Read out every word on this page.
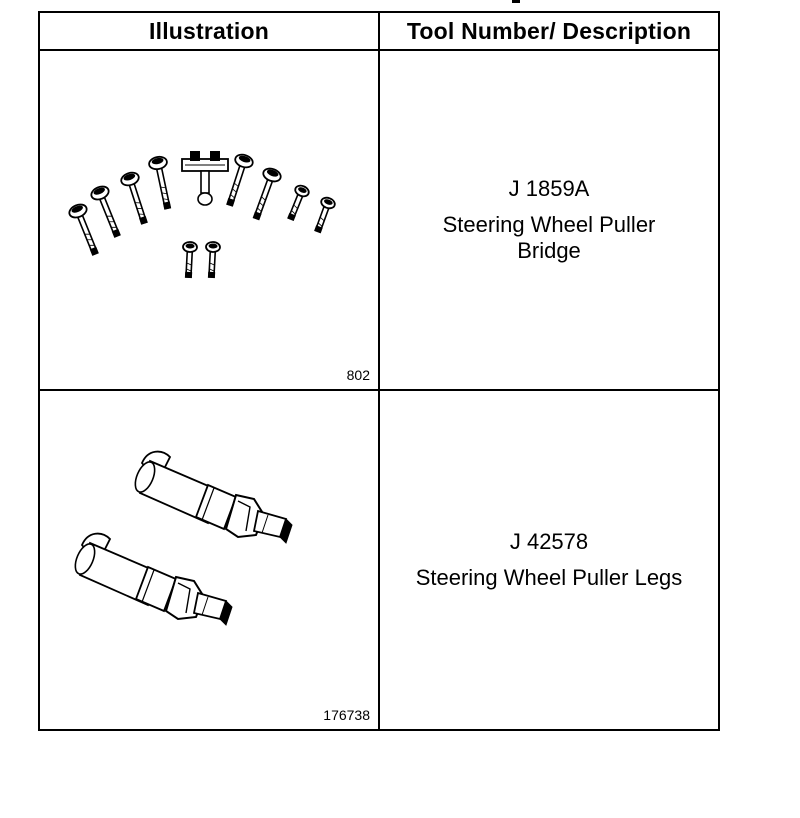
Illustration	Tool Number/ Description

802	J 1859A
Steering Wheel Puller Bridge

176738	J 42578
Steering Wheel Puller Legs
